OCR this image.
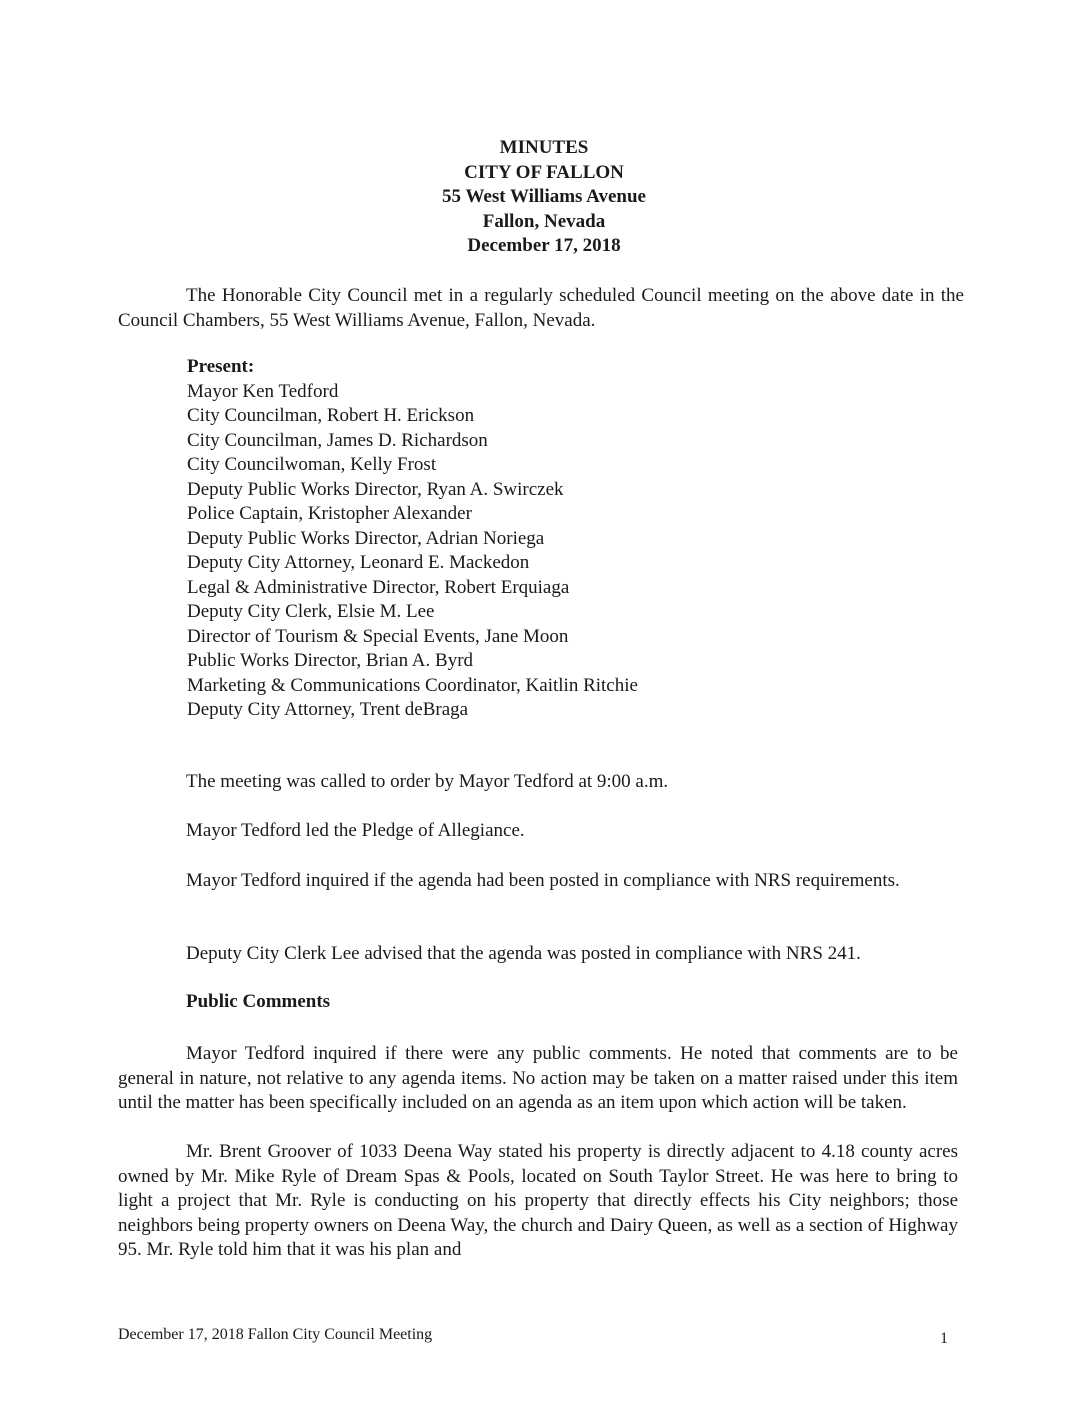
MINUTES
CITY OF FALLON
55 West Williams Avenue
Fallon, Nevada
December 17, 2018

The Honorable City Council met in a regularly scheduled Council meeting on the above date in the Council Chambers, 55 West Williams Avenue, Fallon, Nevada.

Present:
Mayor Ken Tedford
City Councilman, Robert H. Erickson
City Councilman, James D. Richardson
City Councilwoman, Kelly Frost
Deputy Public Works Director, Ryan A. Swirczek
Police Captain, Kristopher Alexander
Deputy Public Works Director, Adrian Noriega
Deputy City Attorney, Leonard E. Mackedon
Legal & Administrative Director, Robert Erquiaga
Deputy City Clerk, Elsie M. Lee
Director of Tourism & Special Events, Jane Moon
Public Works Director, Brian A. Byrd
Marketing & Communications Coordinator, Kaitlin Ritchie
Deputy City Attorney, Trent deBraga
The meeting was called to order by Mayor Tedford at 9:00 a.m.
Mayor Tedford led the Pledge of Allegiance.
Mayor Tedford inquired if the agenda had been posted in compliance with NRS requirements.
Deputy City Clerk Lee advised that the agenda was posted in compliance with NRS 241.
Public Comments
Mayor Tedford inquired if there were any public comments. He noted that comments are to be general in nature, not relative to any agenda items. No action may be taken on a matter raised under this item until the matter has been specifically included on an agenda as an item upon which action will be taken.
Mr. Brent Groover of 1033 Deena Way stated his property is directly adjacent to 4.18 county acres owned by Mr. Mike Ryle of Dream Spas & Pools, located on South Taylor Street. He was here to bring to light a project that Mr. Ryle is conducting on his property that directly effects his City neighbors; those neighbors being property owners on Deena Way, the church and Dairy Queen, as well as a section of Highway 95. Mr. Ryle told him that it was his plan and
December 17, 2018 Fallon City Council Meeting	1
